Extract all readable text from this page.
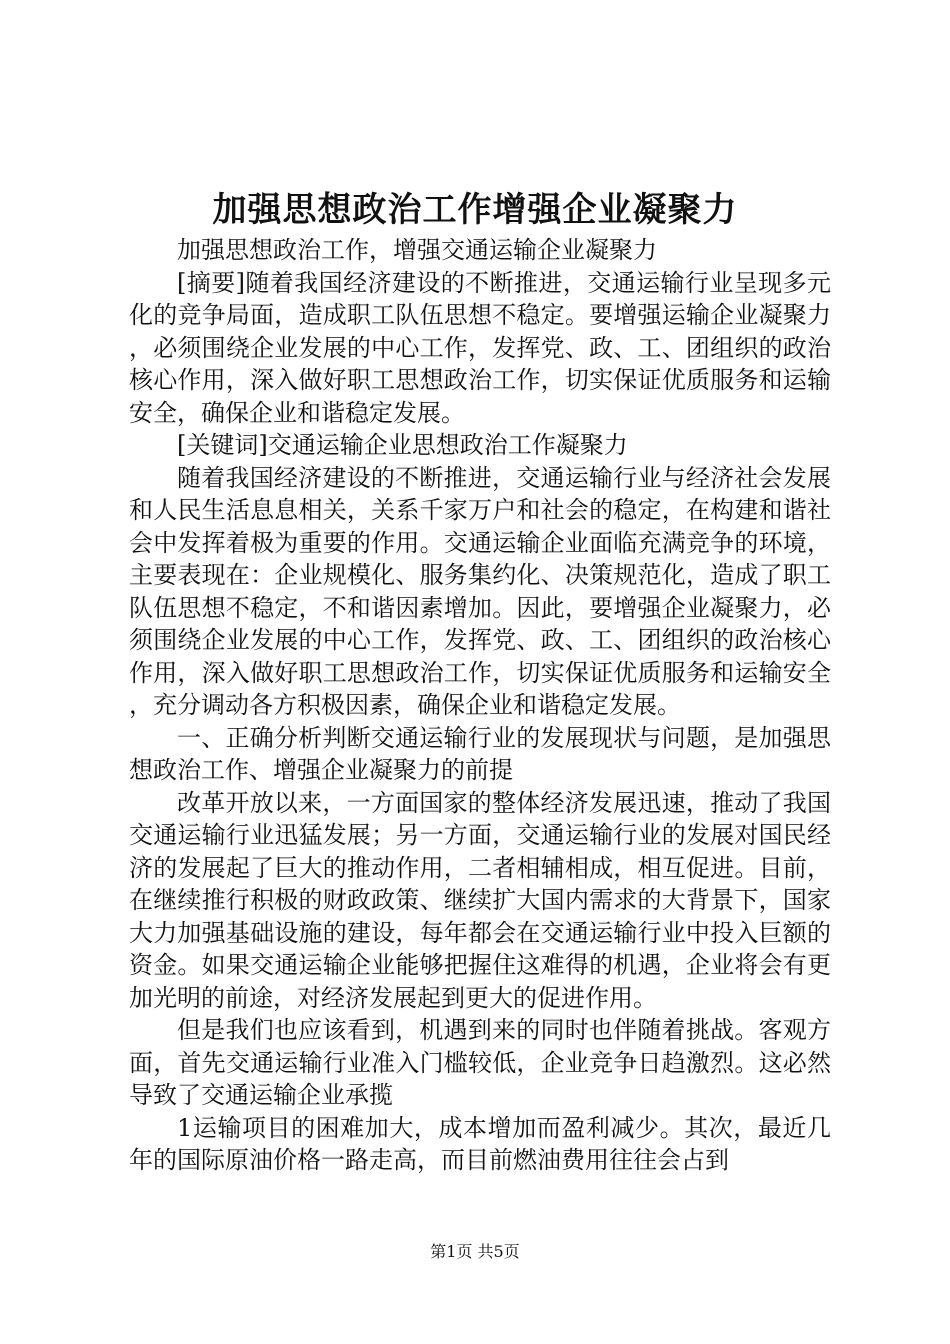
加强思想政治工作增强企业凝聚力

加强思想政治工作，增强交通运输企业凝聚力

[摘要]随着我国经济建设的不断推进，交通运输行业呈现多元化的竞争局面，造成职工队伍思想不稳定。要增强运输企业凝聚力，必须围绕企业发展的中心工作，发挥党、政、工、团组织的政治核心作用，深入做好职工思想政治工作，切实保证优质服务和运输安全，确保企业和谐稳定发展。

[关键词]交通运输企业思想政治工作凝聚力

随着我国经济建设的不断推进，交通运输行业与经济社会发展和人民生活息息相关，关系千家万户和社会的稳定，在构建和谐社会中发挥着极为重要的作用。交通运输企业面临充满竞争的环境，主要表现在：企业规模化、服务集约化、决策规范化，造成了职工队伍思想不稳定，不和谐因素增加。因此，要增强企业凝聚力，必须围绕企业发展的中心工作，发挥党、政、工、团组织的政治核心作用，深入做好职工思想政治工作，切实保证优质服务和运输安全，充分调动各方积极因素，确保企业和谐稳定发展。

一、正确分析判断交通运输行业的发展现状与问题，是加强思想政治工作、增强企业凝聚力的前提

改革开放以来，一方面国家的整体经济发展迅速，推动了我国交通运输行业迅猛发展；另一方面，交通运输行业的发展对国民经济的发展起了巨大的推动作用，二者相辅相成，相互促进。目前，在继续推行积极的财政政策、继续扩大国内需求的大背景下，国家大力加强基础设施的建设，每年都会在交通运输行业中投入巨额的资金。如果交通运输企业能够把握住这难得的机遇，企业将会有更加光明的前途，对经济发展起到更大的促进作用。

但是我们也应该看到，机遇到来的同时也伴随着挑战。客观方面，首先交通运输行业准入门槛较低，企业竞争日趋激烈。这必然导致了交通运输企业承揽

1运输项目的困难加大，成本增加而盈利减少。其次，最近几年的国际原油价格一路走高，而目前燃油费用往往会占到

第1页 共5页
